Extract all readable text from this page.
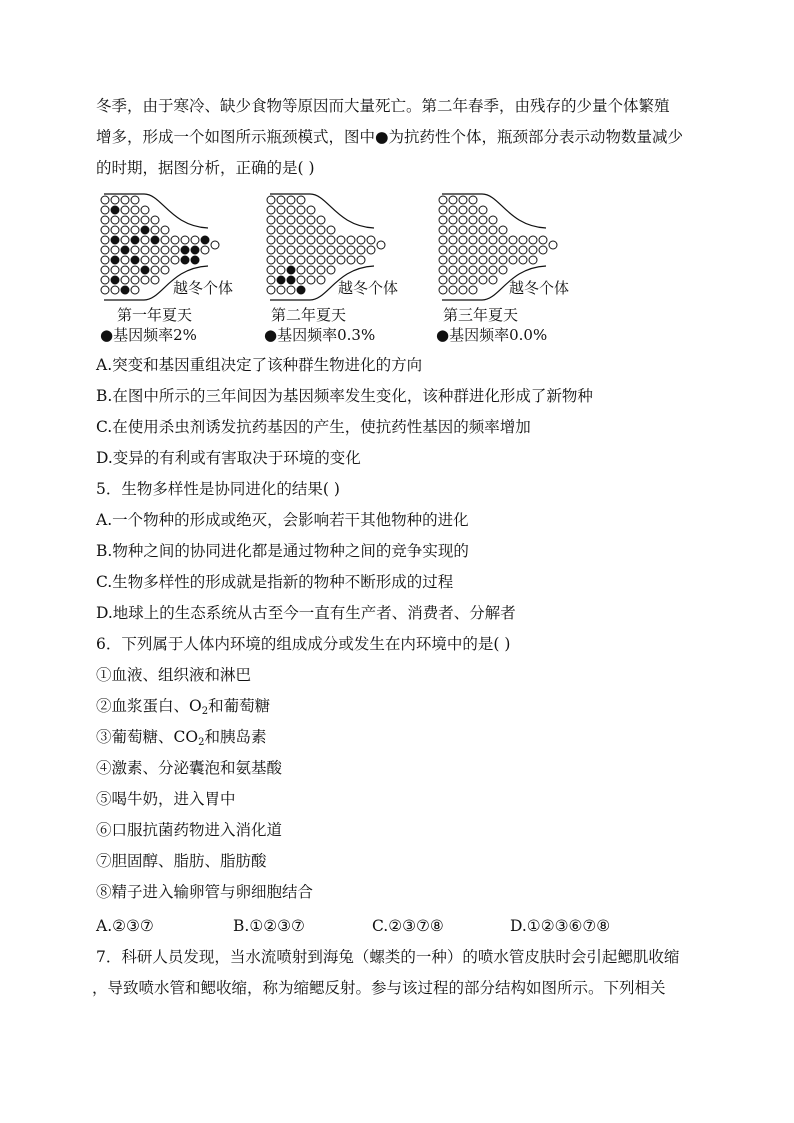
冬季，由于寒冷、缺少食物等原因而大量死亡。第二年春季，由残存的少量个体繁殖
增多，形成一个如图所示瓶颈模式，图中●为抗药性个体，瓶颈部分表示动物数量减少
的时期，据图分析，正确的是( )
越冬个体
第一年夏天
●基因频率2%
越冬个体
第二年夏天
●基因频率0.3%
越冬个体
第三年夏天
●基因频率0.0%
A.突变和基因重组决定了该种群生物进化的方向
B.在图中所示的三年间因为基因频率发生变化，该种群进化形成了新物种
C.在使用杀虫剂诱发抗药基因的产生，使抗药性基因的频率增加
D.变异的有利或有害取决于环境的变化
5．生物多样性是协同进化的结果( )
A.一个物种的形成或绝灭，会影响若干其他物种的进化
B.物种之间的协同进化都是通过物种之间的竞争实现的
C.生物多样性的形成就是指新的物种不断形成的过程
D.地球上的生态系统从古至今一直有生产者、消费者、分解者
6．下列属于人体内环境的组成成分或发生在内环境中的是( )
①血液、组织液和淋巴
②血浆蛋白、$O_2$和葡萄糖
③葡萄糖、$CO_2$和胰岛素
④激素、分泌囊泡和氨基酸
⑤喝牛奶，进入胃中
⑥口服抗菌药物进入消化道
⑦胆固醇、脂肪、脂肪酸
⑧精子进入输卵管与卵细胞结合
A.②③⑦	B.①②③⑦	C.②③⑦⑧	D.①②③⑥⑦⑧
7．科研人员发现，当水流喷射到海兔（螺类的一种）的喷水管皮肤时会引起鳃肌收缩
，导致喷水管和鳃收缩，称为缩鳃反射。参与该过程的部分结构如图所示。下列相关
